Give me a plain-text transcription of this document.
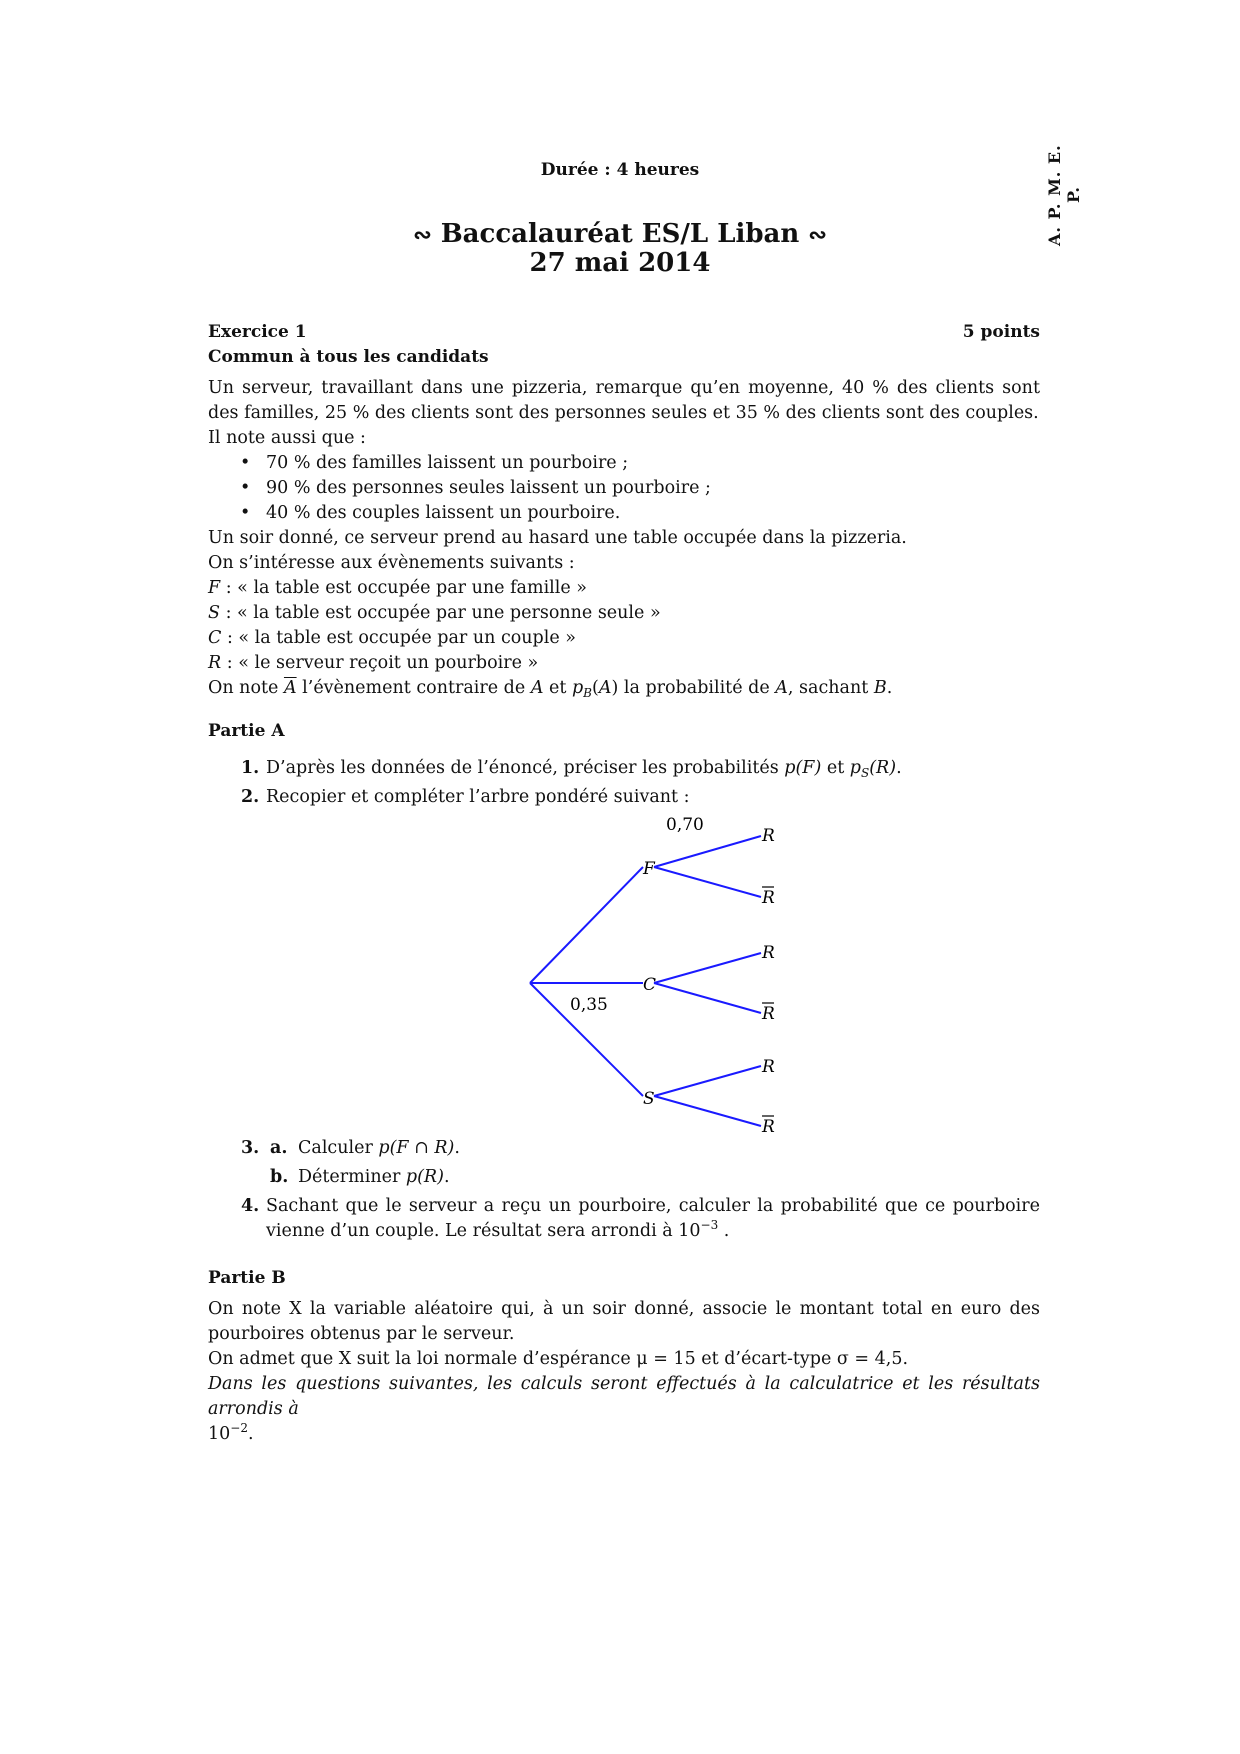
A. P. M. E. P.
Durée : 4 heures
∾ Baccalauréat ES/L Liban ∾
27 mai 2014
Exercice 1	5 points
Commun à tous les candidats

Un serveur, travaillant dans une pizzeria, remarque qu’en moyenne, 40 % des clients sont des familles, 25 % des clients sont des personnes seules et 35 % des clients sont des couples.

Il note aussi que :

• 70 % des familles laissent un pourboire ;
• 90 % des personnes seules laissent un pourboire ;
• 40 % des couples laissent un pourboire.

Un soir donné, ce serveur prend au hasard une table occupée dans la pizzeria.

On s’intéresse aux évènements suivants :

F : « la table est occupée par une famille »

S : « la table est occupée par une personne seule »

C : « la table est occupée par un couple »

R : « le serveur reçoit un pourboire »

On note $\overline{A}$ l’évènement contraire de A et $p_B(A)$ la probabilité de A, sachant B.

Partie A
1. D’après les données de l’énoncé, préciser les probabilités p(F) et $p_S(R)$.
2. Recopier et compléter l’arbre pondéré suivant :
0,70
0,35
F
C
S
R
R
R
R
R
R
3. a. Calculer p(F ∩ R).
b. Déterminer p(R).
4. Sachant que le serveur a reçu un pourboire, calculer la probabilité que ce pourboire vienne d’un couple. Le résultat sera arrondi à $10^{-3}$ .
Partie B

On note X la variable aléatoire qui, à un soir donné, associe le montant total en euro des pourboires obtenus par le serveur.

On admet que X suit la loi normale d’espérance μ = 15 et d’écart-type σ = 4,5.

Dans les questions suivantes, les calculs seront effectués à la calculatrice et les résultats arrondis à

$10^{-2}$.
